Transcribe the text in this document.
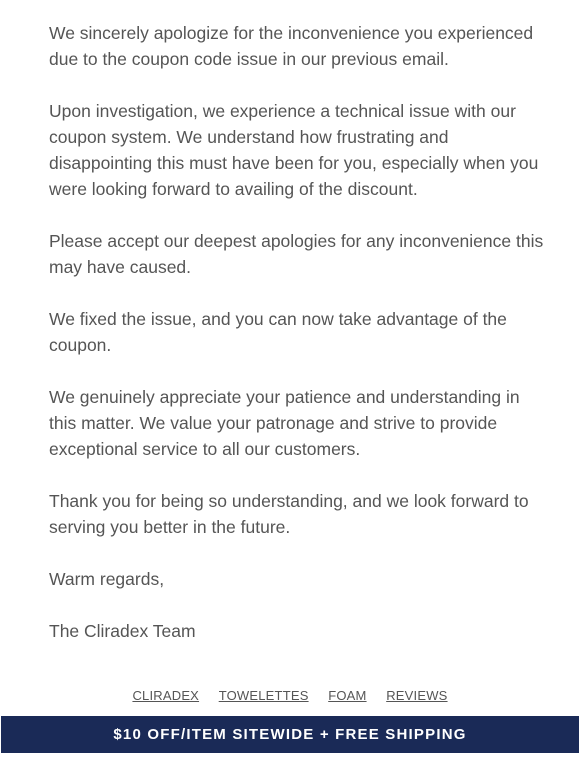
We sincerely apologize for the inconvenience you experienced due to the coupon code issue in our previous email.

Upon investigation, we experience a technical issue with our coupon system. We understand how frustrating and disappointing this must have been for you, especially when you were looking forward to availing of the discount.

Please accept our deepest apologies for any inconvenience this may have caused.

We fixed the issue, and you can now take advantage of the coupon.

We genuinely appreciate your patience and understanding in this matter. We value your patronage and strive to provide exceptional service to all our customers.

Thank you for being so understanding, and we look forward to serving you better in the future.

Warm regards,

The Cliradex Team

CLIRADEX TOWELETTES FOAM REVIEWS
$10 OFF/ITEM SITEWIDE + FREE SHIPPING
